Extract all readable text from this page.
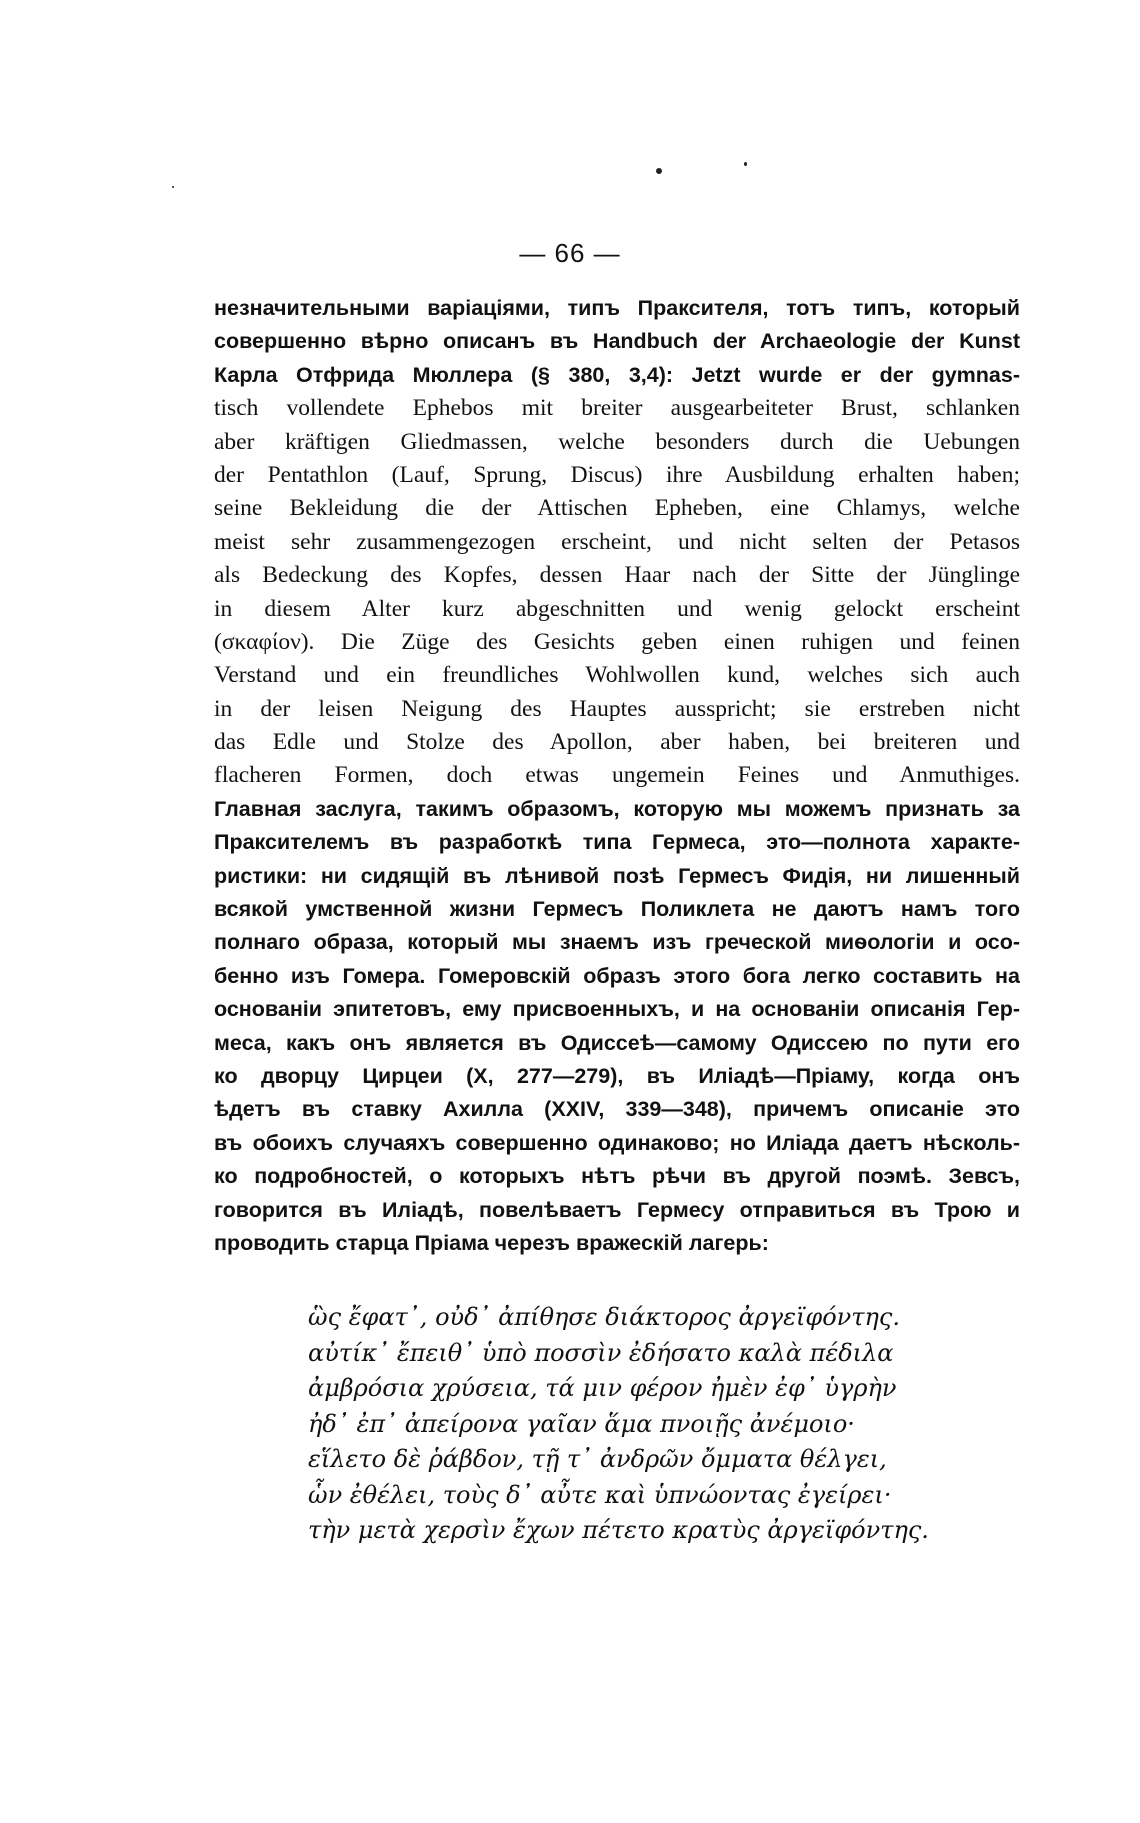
— 66 —
незначительными варіаціями, типъ Праксителя, тотъ типъ, который
совершенно вѣрно описанъ въ Handbuch der Archaeologie der Kunst
Карла Отфрида Мюллера (§ 380, 3,4): Jetzt wurde er der gymnas-
tisch vollendete Ephebos mit breiter ausgearbeiteter Brust, schlanken
aber kräftigen Gliedmassen, welche besonders durch die Uebungen
der Pentathlon (Lauf, Sprung, Discus) ihre Ausbildung erhalten haben;
seine Bekleidung die der Attischen Epheben, eine Chlamys, welche
meist sehr zusammengezogen erscheint, und nicht selten der Petasos
als Bedeckung des Kopfes, dessen Haar nach der Sitte der Jünglinge
in diesem Alter kurz abgeschnitten und wenig gelockt erscheint
(σκαφίον). Die Züge des Gesichts geben einen ruhigen und feinen
Verstand und ein freundliches Wohlwollen kund, welches sich auch
in der leisen Neigung des Hauptes ausspricht; sie erstreben nicht
das Edle und Stolze des Apollon, aber haben, bei breiteren und
flacheren Formen, doch etwas ungemein Feines und Anmuthiges.
Главная заслуга, такимъ образомъ, которую мы можемъ признать за
Праксителемъ въ разработкѣ типа Гермеса, это—полнота характе-
ристики: ни сидящій въ лѣнивой позѣ Гермесъ Фидія, ни лишенный
всякой умственной жизни Гермесъ Поликлета не даютъ намъ того
полнаго образа, который мы знаемъ изъ греческой миѳологіи и осо-
бенно изъ Гомера. Гомеровскій образъ этого бога легко составить на
основаніи эпитетовъ, ему присвоенныхъ, и на основаніи описанія Гер-
меса, какъ онъ является въ Одиссеѣ—самому Одиссею по пути его
ко дворцу Цирцеи (X, 277—279), въ Иліадѣ—Пріаму, когда онъ
ѣдетъ въ ставку Ахилла (XXIV, 339—348), причемъ описаніе это
въ обоихъ случаяхъ совершенно одинаково; но Иліада даетъ нѣсколь-
ко подробностей, о которыхъ нѣтъ рѣчи въ другой поэмѣ. Зевсъ,
говорится въ Иліадѣ, повелѣваетъ Гермесу отправиться въ Трою и
проводить старца Пріама черезъ вражескій лагерь:
ὣς ἔφατ᾽, οὐδ᾽ ἀπίθησε διάκτορος ἀργεϊφόντης.
αὐτίκ᾽ ἔπειθ᾽ ὑπὸ ποσσὶν ἐδήσατο καλὰ πέδιλα
ἀμβρόσια χρύσεια, τά μιν φέρον ἠμὲν ἐφ᾽ ὑγρὴν
ἠδ᾽ ἐπ᾽ ἀπείρονα γαῖαν ἅμα πνοιῇς ἀνέμοιο·
εἵλετο δὲ ῥάβδον, τῇ τ᾽ ἀνδρῶν ὄμματα θέλγει,
ὧν ἐθέλει, τοὺς δ᾽ αὖτε καὶ ὑπνώοντας ἐγείρει·
τὴν μετὰ χερσὶν ἔχων πέτετο κρατὺς ἀργεϊφόντης.
